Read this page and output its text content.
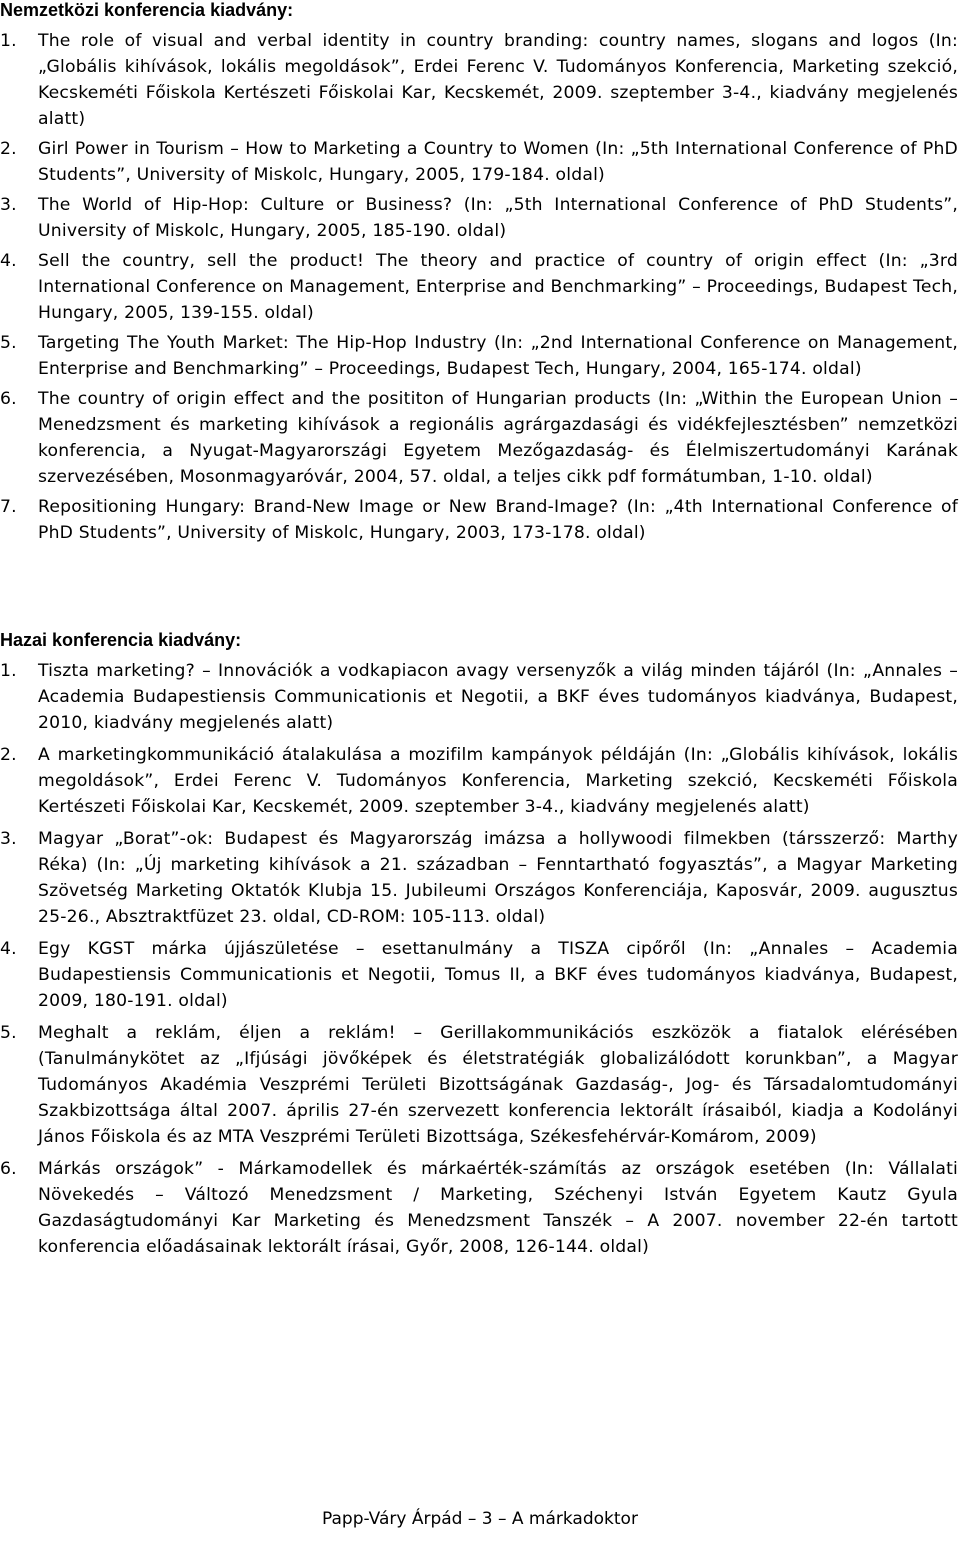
Nemzetközi konferencia kiadvány:
1. The role of visual and verbal identity in country branding: country names, slogans and logos (In: „Globális kihívások, lokális megoldások”, Erdei Ferenc V. Tudományos Konferencia, Marketing szekció, Kecskeméti Főiskola Kertészeti Főiskolai Kar, Kecskemét, 2009. szeptember 3-4., kiadvány megjelenés alatt)

2. Girl Power in Tourism – How to Marketing a Country to Women (In: „5th International Conference of PhD Students”, University of Miskolc, Hungary, 2005, 179-184. oldal)

3. The World of Hip-Hop: Culture or Business? (In: „5th International Conference of PhD Students”, University of Miskolc, Hungary, 2005, 185-190. oldal)

4. Sell the country, sell the product! The theory and practice of country of origin effect (In: „3rd International Conference on Management, Enterprise and Benchmarking” – Proceedings, Budapest Tech, Hungary, 2005, 139-155. oldal)

5. Targeting The Youth Market: The Hip-Hop Industry (In: „2nd International Conference on Management, Enterprise and Benchmarking” – Proceedings, Budapest Tech, Hungary, 2004, 165-174. oldal)

6. The country of origin effect and the posititon of Hungarian products (In: „Within the European Union – Menedzsment és marketing kihívások a regionális agrárgazdasági és vidékfejlesztésben” nemzetközi konferencia, a Nyugat-Magyarországi Egyetem Mezőgazdaság- és Élelmiszertudományi Karának szervezésében, Mosonmagyaróvár, 2004, 57. oldal, a teljes cikk pdf formátumban, 1-10. oldal)

7. Repositioning Hungary: Brand-New Image or New Brand-Image? (In: „4th International Conference of PhD Students”, University of Miskolc, Hungary, 2003, 173-178. oldal)

Hazai konferencia kiadvány:
1. Tiszta marketing? – Innovációk a vodkapiacon avagy versenyzők a világ minden tájáról (In: „Annales – Academia Budapestiensis Communicationis et Negotii, a BKF éves tudományos kiadványa, Budapest, 2010, kiadvány megjelenés alatt)

2. A marketingkommunikáció átalakulása a mozifilm kampányok példáján (In: „Globális kihívások, lokális megoldások”, Erdei Ferenc V. Tudományos Konferencia, Marketing szekció, Kecskeméti Főiskola Kertészeti Főiskolai Kar, Kecskemét, 2009. szeptember 3-4., kiadvány megjelenés alatt)

3. Magyar „Borat”-ok: Budapest és Magyarország imázsa a hollywoodi filmekben (társszerző: Marthy Réka) (In: „Új marketing kihívások a 21. században – Fenntartható fogyasztás”, a Magyar Marketing Szövetség Marketing Oktatók Klubja 15. Jubileumi Országos Konferenciája, Kaposvár, 2009. augusztus 25-26., Absztraktfüzet 23. oldal, CD-ROM: 105-113. oldal)

4. Egy KGST márka újjászületése – esettanulmány a TISZA cipőről (In: „Annales – Academia Budapestiensis Communicationis et Negotii, Tomus II, a BKF éves tudományos kiadványa, Budapest, 2009, 180-191. oldal)

5. Meghalt a reklám, éljen a reklám! – Gerillakommunikációs eszközök a fiatalok elérésében (Tanulmánykötet az „Ifjúsági jövőképek és életstratégiák globalizálódott korunkban”, a Magyar Tudományos Akadémia Veszprémi Területi Bizottságának Gazdaság-, Jog- és Társadalomtudományi Szakbizottsága által 2007. április 27-én szervezett konferencia lektorált írásaiból, kiadja a Kodolányi János Főiskola és az MTA Veszprémi Területi Bizottsága, Székesfehérvár-Komárom, 2009)

6. Márkás országok” - Márkamodellek és márkaérték-számítás az országok esetében (In: Vállalati Növekedés – Változó Menedzsment / Marketing, Széchenyi István Egyetem Kautz Gyula Gazdaságtudományi Kar Marketing és Menedzsment Tanszék – A 2007. november 22-én tartott konferencia előadásainak lektorált írásai, Győr, 2008, 126-144. oldal)

Papp-Váry Árpád – 3 – A márkadoktor
